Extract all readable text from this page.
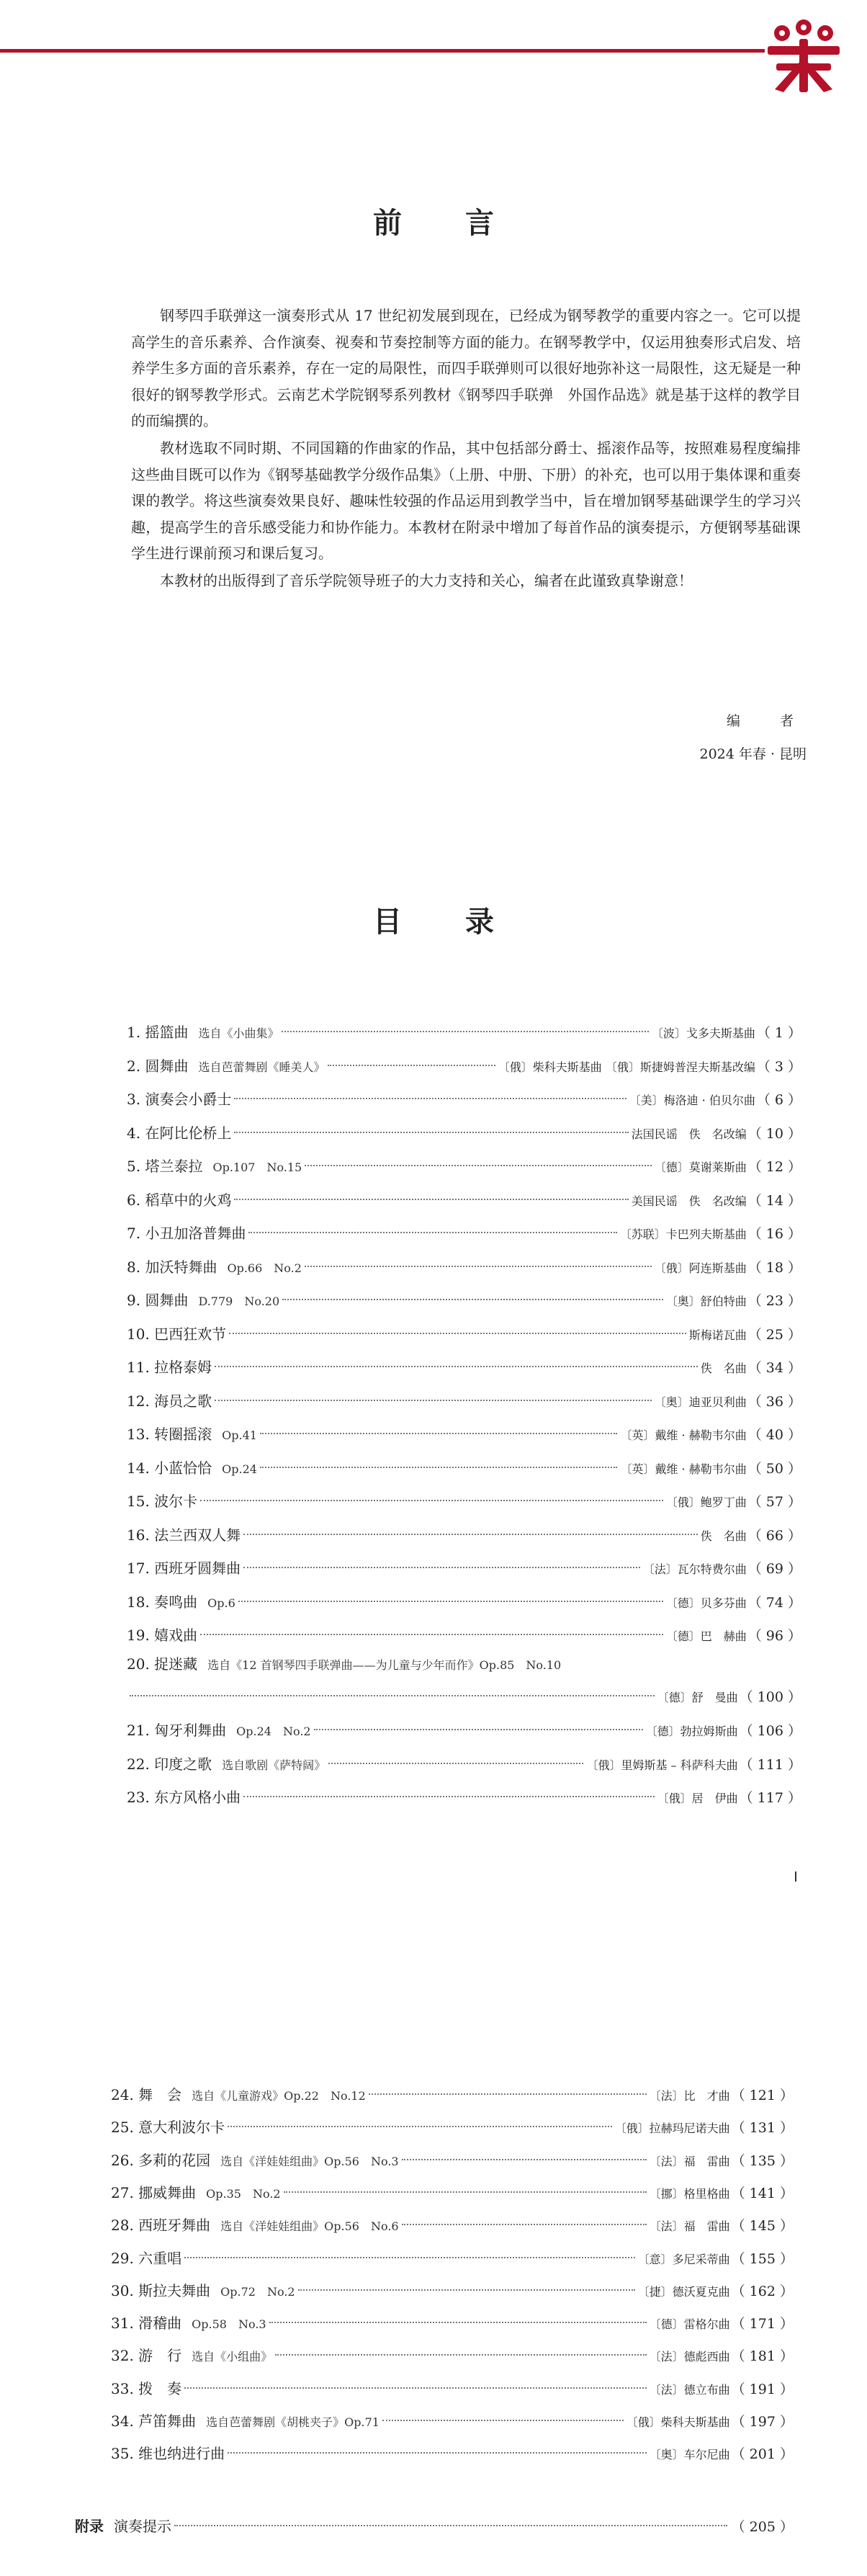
前言

钢琴四手联弹这一演奏形式从 17 世纪初发展到现在，已经成为钢琴教学的重要内容之一。它可以提高学生的音乐素养、合作演奏、视奏和节奏控制等方面的能力。在钢琴教学中，仅运用独奏形式启发、培养学生多方面的音乐素养，存在一定的局限性，而四手联弹则可以很好地弥补这一局限性，这无疑是一种很好的钢琴教学形式。云南艺术学院钢琴系列教材《钢琴四手联弹　外国作品选》就是基于这样的教学目的而编撰的。

教材选取不同时期、不同国籍的作曲家的作品，其中包括部分爵士、摇滚作品等，按照难易程度编排这些曲目既可以作为《钢琴基础教学分级作品集》（上册、中册、下册）的补充，也可以用于集体课和重奏课的教学。将这些演奏效果良好、趣味性较强的作品运用到教学当中，旨在增加钢琴基础课学生的学习兴趣，提高学生的音乐感受能力和协作能力。本教材在附录中增加了每首作品的演奏提示，方便钢琴基础课学生进行课前预习和课后复习。

本教材的出版得到了音乐学院领导班子的大力支持和关心，编者在此谨致真挚谢意！

编　者
2024 年春 · 昆明
目录
1. 摇篮曲 选自《小曲集》	〔波〕戈多夫斯基曲 （ 1 ）
2. 圆舞曲 选自芭蕾舞剧《睡美人》	〔俄〕柴科夫斯基曲 〔俄〕斯捷姆普涅夫斯基改编 （ 3 ）
3. 演奏会小爵士	〔美〕梅洛迪 · 伯贝尔曲 （ 6 ）
4. 在阿比伦桥上	法国民谣　佚　名改编 （ 10 ）
5. 塔兰泰拉 Op.107　No.15	〔德〕莫谢莱斯曲 （ 12 ）
6. 稻草中的火鸡	美国民谣　佚　名改编 （ 14 ）
7. 小丑加洛普舞曲	〔苏联〕卡巴列夫斯基曲 （ 16 ）
8. 加沃特舞曲 Op.66　No.2	〔俄〕阿连斯基曲 （ 18 ）
9. 圆舞曲 D.779　No.20	〔奥〕舒伯特曲 （ 23 ）
10. 巴西狂欢节	斯梅诺瓦曲 （ 25 ）
11. 拉格泰姆	佚　名曲 （ 34 ）
12. 海员之歌	〔奥〕迪亚贝利曲 （ 36 ）
13. 转圈摇滚 Op.41	〔英〕戴维 · 赫勒韦尔曲 （ 40 ）
14. 小蓝恰恰 Op.24	〔英〕戴维 · 赫勒韦尔曲 （ 50 ）
15. 波尔卡	〔俄〕鲍罗丁曲 （ 57 ）
16. 法兰西双人舞	佚　名曲 （ 66 ）
17. 西班牙圆舞曲	〔法〕瓦尔特费尔曲 （ 69 ）
18. 奏鸣曲 Op.6	〔德〕贝多芬曲 （ 74 ）
19. 嬉戏曲	〔德〕巴　赫曲 （ 96 ）
20. 捉迷藏 选自《12 首钢琴四手联弹曲——为儿童与少年而作》Op.85　No.10
〔德〕舒　曼曲 （ 100 ）
21. 匈牙利舞曲 Op.24　No.2	〔德〕勃拉姆斯曲 （ 106 ）
22. 印度之歌 选自歌剧《萨特阔》	〔俄〕里姆斯基 – 科萨科夫曲 （ 111 ）
23. 东方风格小曲	〔俄〕居　伊曲 （ 117 ）
24. 舞　会 选自《儿童游戏》Op.22　No.12	〔法〕比　才曲 （ 121 ）
25. 意大利波尔卡	〔俄〕拉赫玛尼诺夫曲 （ 131 ）
26. 多莉的花园 选自《洋娃娃组曲》Op.56　No.3	〔法〕福　雷曲 （ 135 ）
27. 挪威舞曲 Op.35　No.2	〔挪〕格里格曲 （ 141 ）
28. 西班牙舞曲 选自《洋娃娃组曲》Op.56　No.6	〔法〕福　雷曲 （ 145 ）
29. 六重唱	〔意〕多尼采蒂曲 （ 155 ）
30. 斯拉夫舞曲 Op.72　No.2	〔捷〕德沃夏克曲 （ 162 ）
31. 滑稽曲 Op.58　No.3	〔德〕雷格尔曲 （ 171 ）
32. 游　行 选自《小组曲》	〔法〕德彪西曲 （ 181 ）
33. 拨　奏	〔法〕德立布曲 （ 191 ）
34. 芦笛舞曲 选自芭蕾舞剧《胡桃夹子》Op.71	〔俄〕柴科夫斯基曲 （ 197 ）
35. 维也纳进行曲	〔奥〕车尔尼曲 （ 201 ）
附录 演奏提示	（ 205 ）
